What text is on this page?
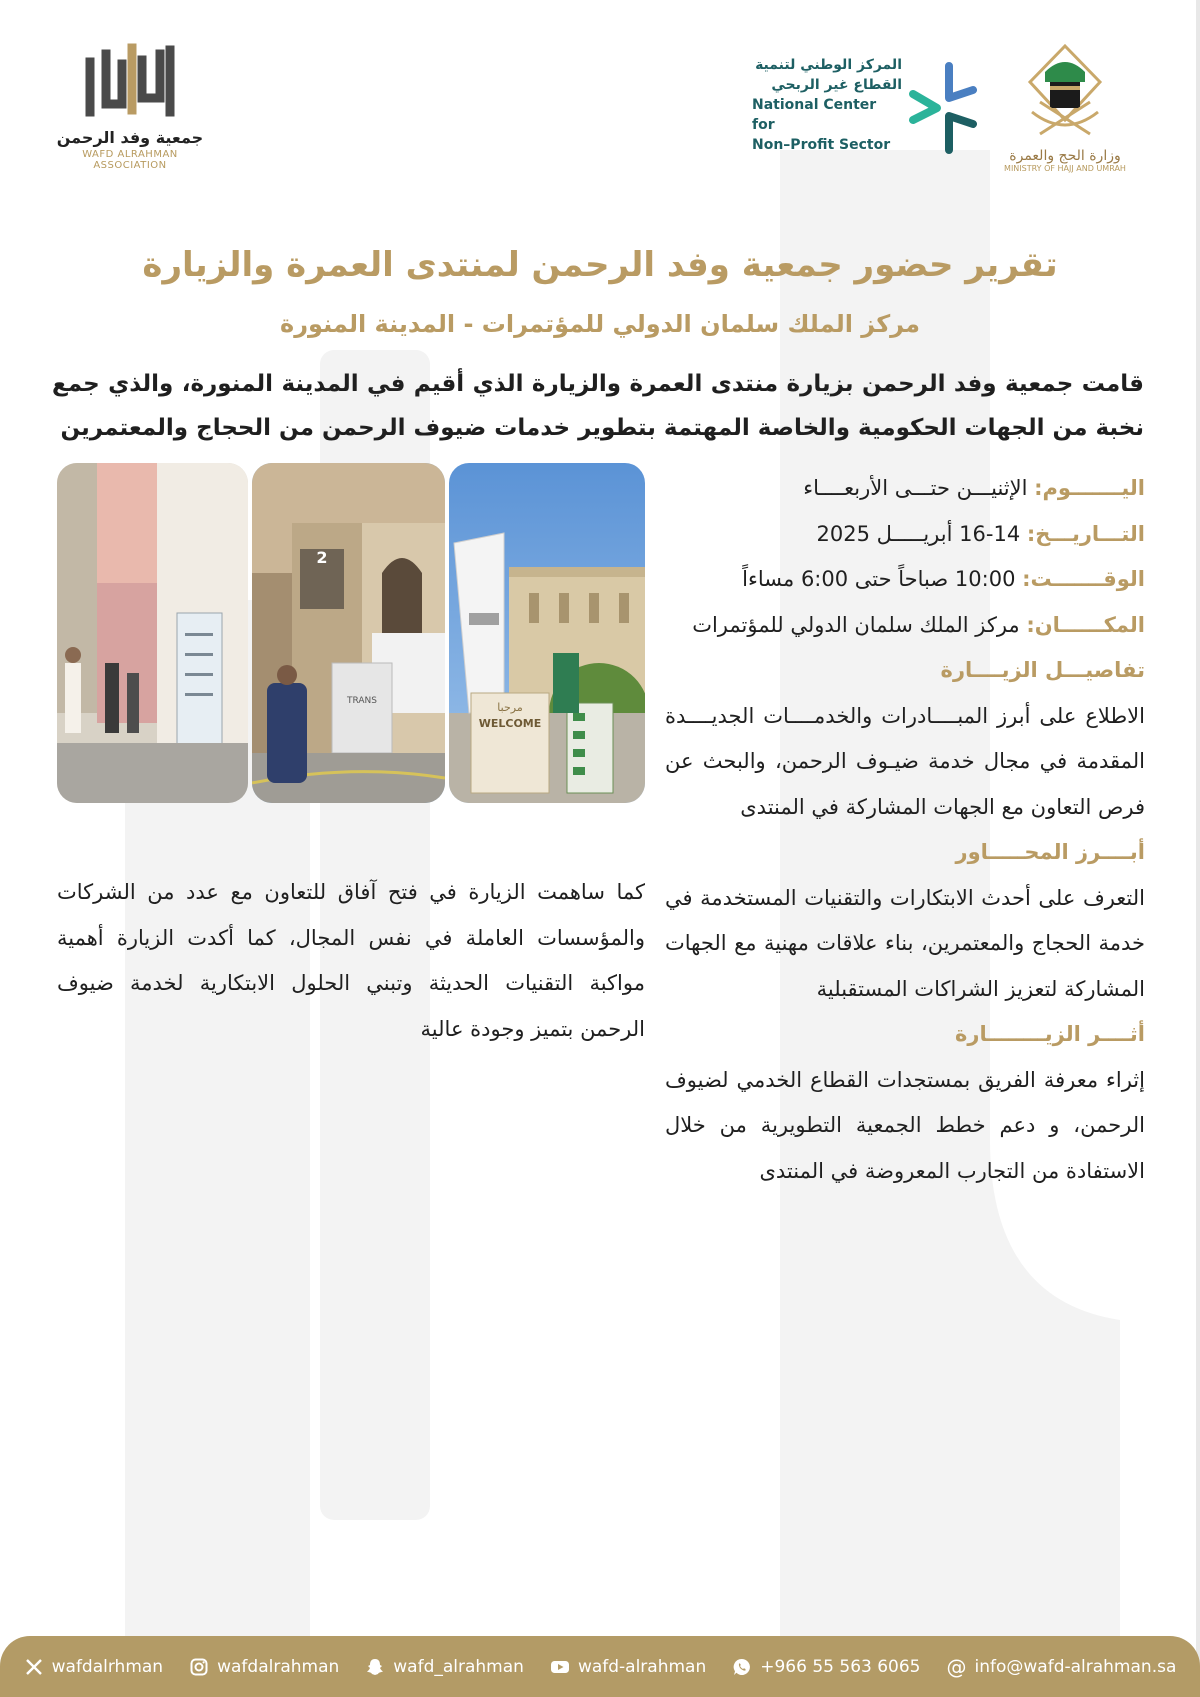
جمعية وفد الرحمن
WAFD ALRAHMAN ASSOCIATION
المركز الوطني لتنمية
القطاع غير الربحي
National Center for
Non–Profit Sector
وزارة الحج والعمرة
MINISTRY OF HAJJ AND UMRAH
تقرير حضور جمعية وفد الرحمن لمنتدى العمرة والزيارة
مركز الملك سلمان الدولي للمؤتمرات - المدينة المنورة
قامت جمعية وفد الرحمن بزيارة منتدى العمرة والزيارة الذي أقيم في المدينة المنورة، والذي جمع نخبة من الجهات الحكومية والخاصة المهتمة بتطوير خدمات ضيوف الرحمن من الحجاج والمعتمرين
اليـــــــوم: الإثنيـــن حتـــى الأربعــــاء
التـــاريـــخ: 14-16 أبريـــــل 2025
الوقـــــــت: 10:00 صباحاً حتى 6:00 مساءاً
المكــــــان: مركز الملك سلمان الدولي للمؤتمرات
تفاصيـــل الزيــــارة
الاطلاع على أبرز المبــــادرات والخدمــــات الجديــــدة المقدمة في مجال خدمة ضيـوف الرحمن، والبحث عن فرص التعاون مع الجهات المشاركة في المنتدى
أبــــرز المحـــــاور
التعرف على أحدث الابتكارات والتقنيات المستخدمة في خدمة الحجاج والمعتمرين، بناء علاقات مهنية مع الجهات المشاركة لتعزيز الشراكات المستقبلية
أثــــر الزيــــــــارة
إثراء معرفة الفريق بمستجدات القطاع الخدمي لضيوف الرحمن، و دعم خطط الجمعية التطويرية من خلال الاستفادة من التجارب المعروضة في المنتدى
مرحبا
WELCOME
2
TRANS
كما ساهمت الزيارة في فتح آفاق للتعاون مع عدد من الشركات والمؤسسات العاملة في نفس المجال، كما أكدت الزيارة أهمية مواكبة التقنيات الحديثة وتبني الحلول الابتكارية لخدمة ضيوف الرحمن بتميز وجودة عالية
wafdalrhman	wafdalrahman	wafd_alrahman	wafd-alrahman	+966 55 563 6065 @ info@wafd-alrahman.sa
